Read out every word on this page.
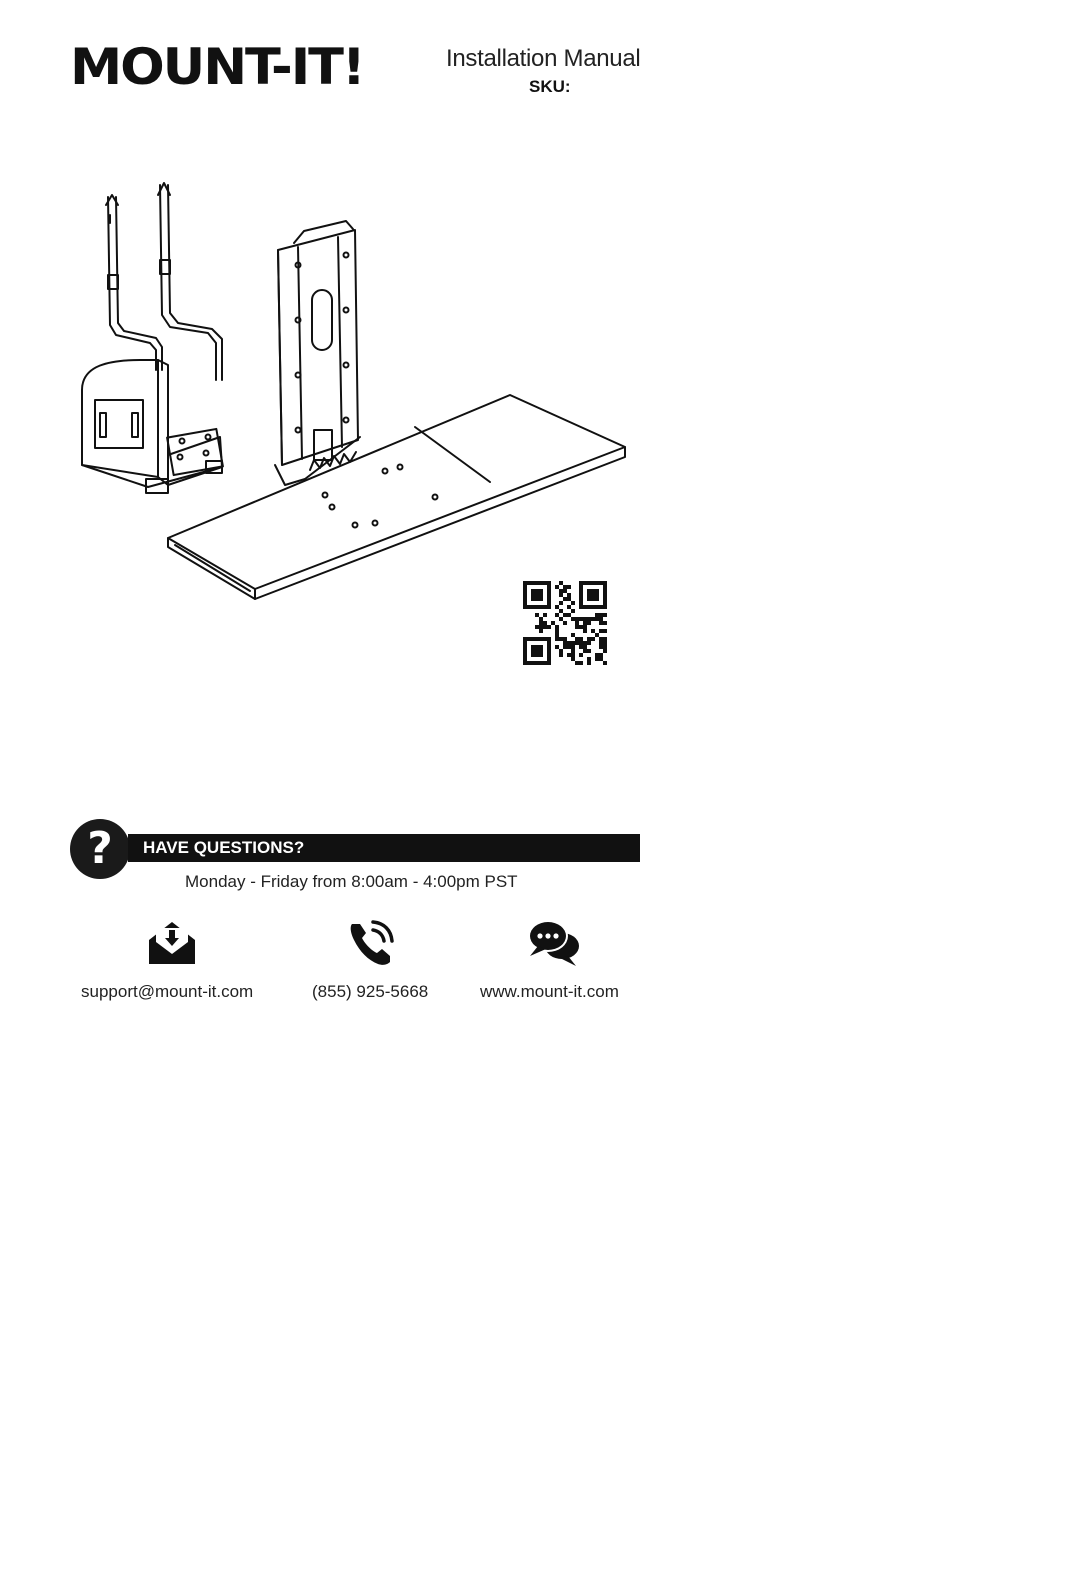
MOUNT-IT!	Installation Manual
SKU:
?	HAVE QUESTIONS?
Monday - Friday from 8:00am - 4:00pm PST
support@mount-it.com	(855) 925-5668	www.mount-it.com
